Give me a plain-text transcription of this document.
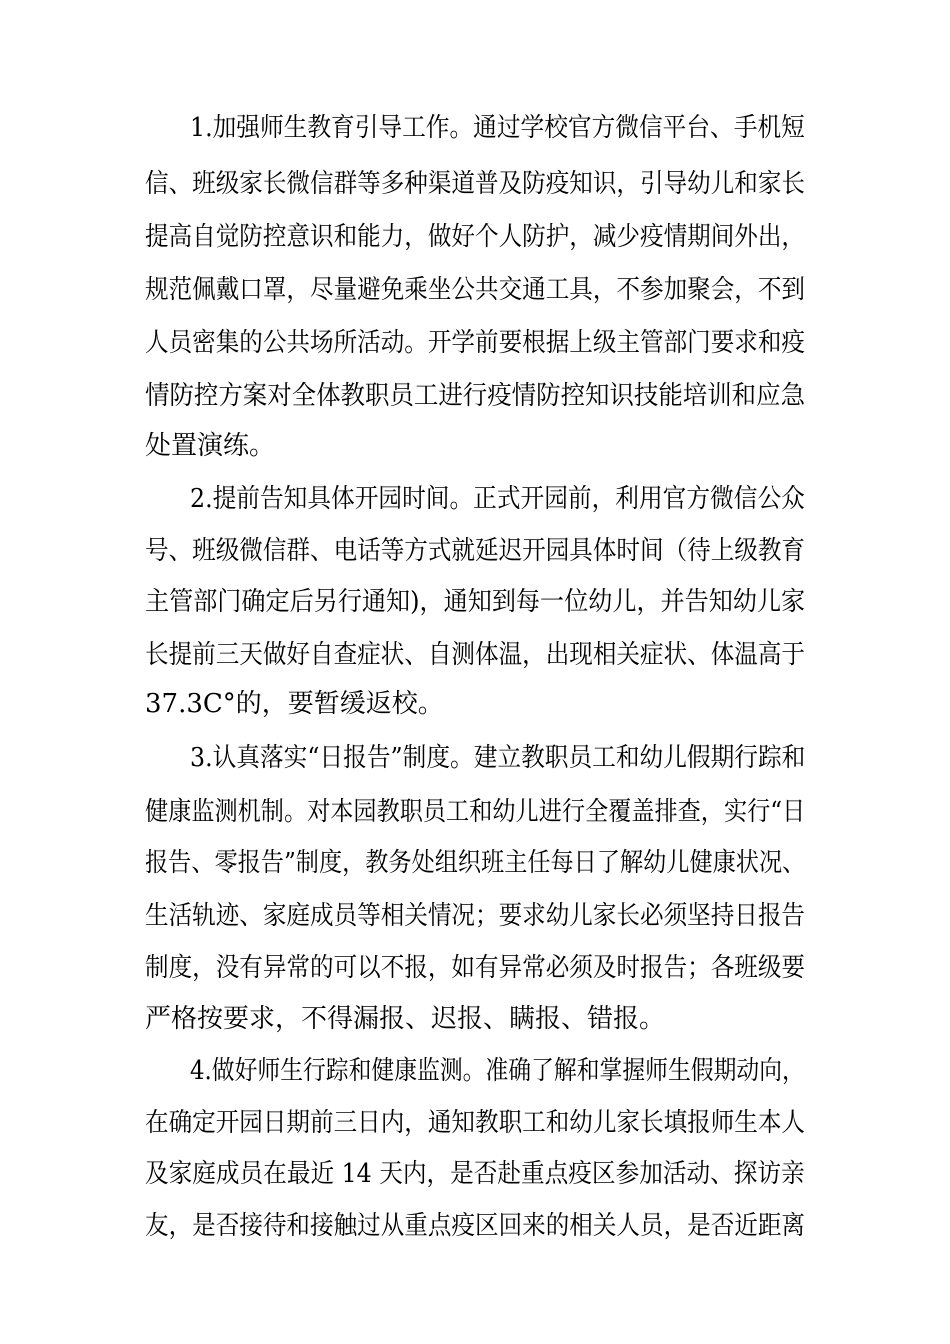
1.加强师生教育引导工作。通过学校官方微信平台、手机短
信、班级家长微信群等多种渠道普及防疫知识，引导幼儿和家长
提高自觉防控意识和能力，做好个人防护，减少疫情期间外出，
规范佩戴口罩，尽量避免乘坐公共交通工具，不参加聚会，不到
人员密集的公共场所活动。开学前要根据上级主管部门要求和疫
情防控方案对全体教职员工进行疫情防控知识技能培训和应急
处置演练。
2.提前告知具体开园时间。正式开园前，利用官方微信公众
号、班级微信群、电话等方式就延迟开园具体时间（待上级教育
主管部门确定后另行通知)，通知到每一位幼儿，并告知幼儿家
长提前三天做好自查症状、自测体温，出现相关症状、体温高于
37.3C°的，要暂缓返校。
3.认真落实“日报告”制度。建立教职员工和幼儿假期行踪和
健康监测机制。对本园教职员工和幼儿进行全覆盖排查，实行“日
报告、零报告”制度，教务处组织班主任每日了解幼儿健康状况、
生活轨迹、家庭成员等相关情况；要求幼儿家长必须坚持日报告
制度，没有异常的可以不报，如有异常必须及时报告；各班级要
严格按要求，不得漏报、迟报、瞒报、错报。
4.做好师生行踪和健康监测。准确了解和掌握师生假期动向，
在确定开园日期前三日内，通知教职工和幼儿家长填报师生本人
及家庭成员在最近 14 天内，是否赴重点疫区参加活动、探访亲
友，是否接待和接触过从重点疫区回来的相关人员，是否近距离
